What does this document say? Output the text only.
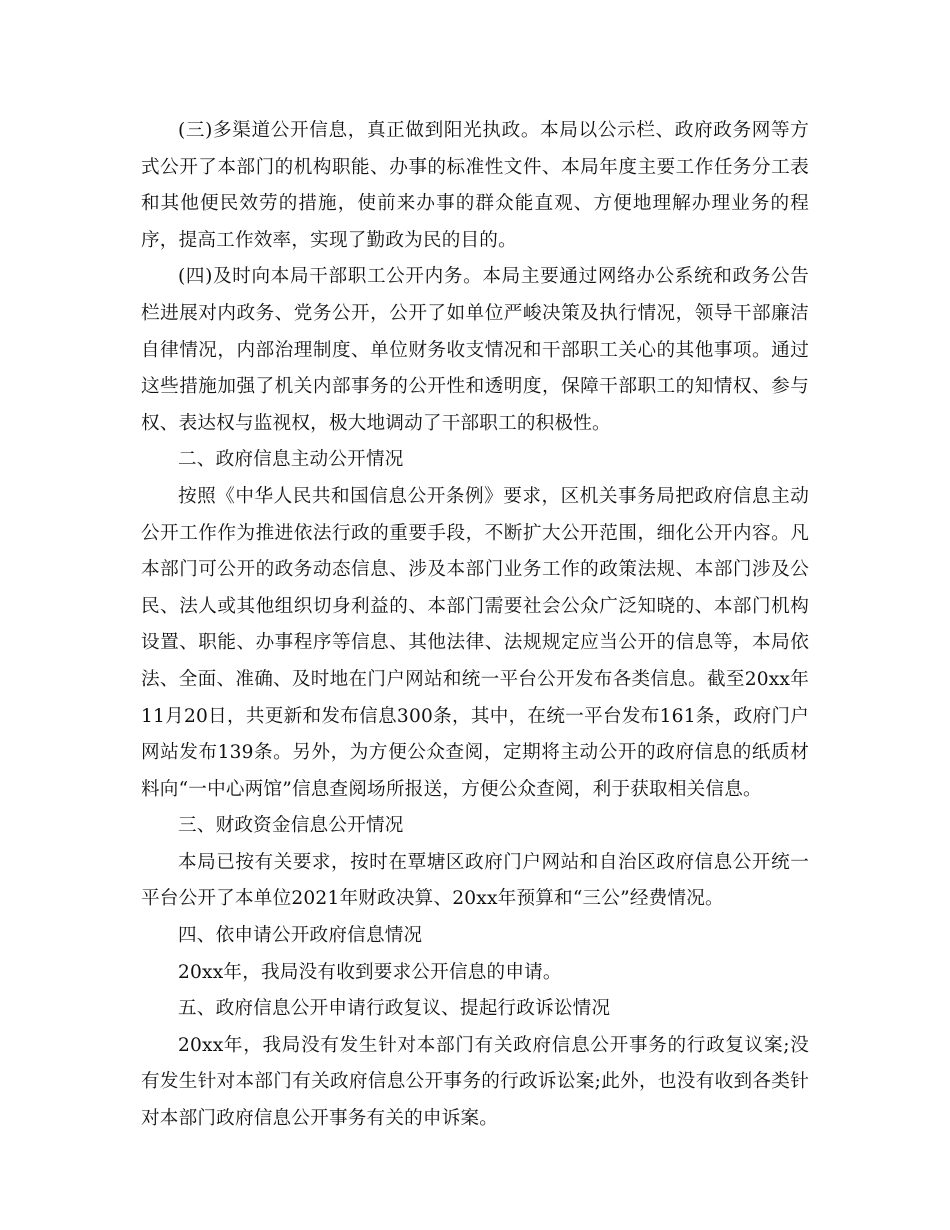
(三)多渠道公开信息，真正做到阳光执政。本局以公示栏、政府政务网等方式公开了本部门的机构职能、办事的标准性文件、本局年度主要工作任务分工表和其他便民效劳的措施，使前来办事的群众能直观、方便地理解办理业务的程序，提高工作效率，实现了勤政为民的目的。

(四)及时向本局干部职工公开内务。本局主要通过网络办公系统和政务公告栏进展对内政务、党务公开，公开了如单位严峻决策及执行情况，领导干部廉洁自律情况，内部治理制度、单位财务收支情况和干部职工关心的其他事项。通过这些措施加强了机关内部事务的公开性和透明度，保障干部职工的知情权、参与权、表达权与监视权，极大地调动了干部职工的积极性。

二、政府信息主动公开情况

按照《中华人民共和国信息公开条例》要求，区机关事务局把政府信息主动公开工作作为推进依法行政的重要手段，不断扩大公开范围，细化公开内容。凡本部门可公开的政务动态信息、涉及本部门业务工作的政策法规、本部门涉及公民、法人或其他组织切身利益的、本部门需要社会公众广泛知晓的、本部门机构设置、职能、办事程序等信息、其他法律、法规规定应当公开的信息等，本局依法、全面、准确、及时地在门户网站和统一平台公开发布各类信息。截至20xx年11月20日，共更新和发布信息300条，其中，在统一平台发布161条，政府门户网站发布139条。另外，为方便公众查阅，定期将主动公开的政府信息的纸质材料向“一中心两馆”信息查阅场所报送，方便公众查阅，利于获取相关信息。

三、财政资金信息公开情况

本局已按有关要求，按时在覃塘区政府门户网站和自治区政府信息公开统一平台公开了本单位2021年财政决算、20xx年预算和“三公”经费情况。

四、依申请公开政府信息情况

20xx年，我局没有收到要求公开信息的申请。

五、政府信息公开申请行政复议、提起行政诉讼情况

20xx年，我局没有发生针对本部门有关政府信息公开事务的行政复议案;没有发生针对本部门有关政府信息公开事务的行政诉讼案;此外，也没有收到各类针对本部门政府信息公开事务有关的申诉案。
